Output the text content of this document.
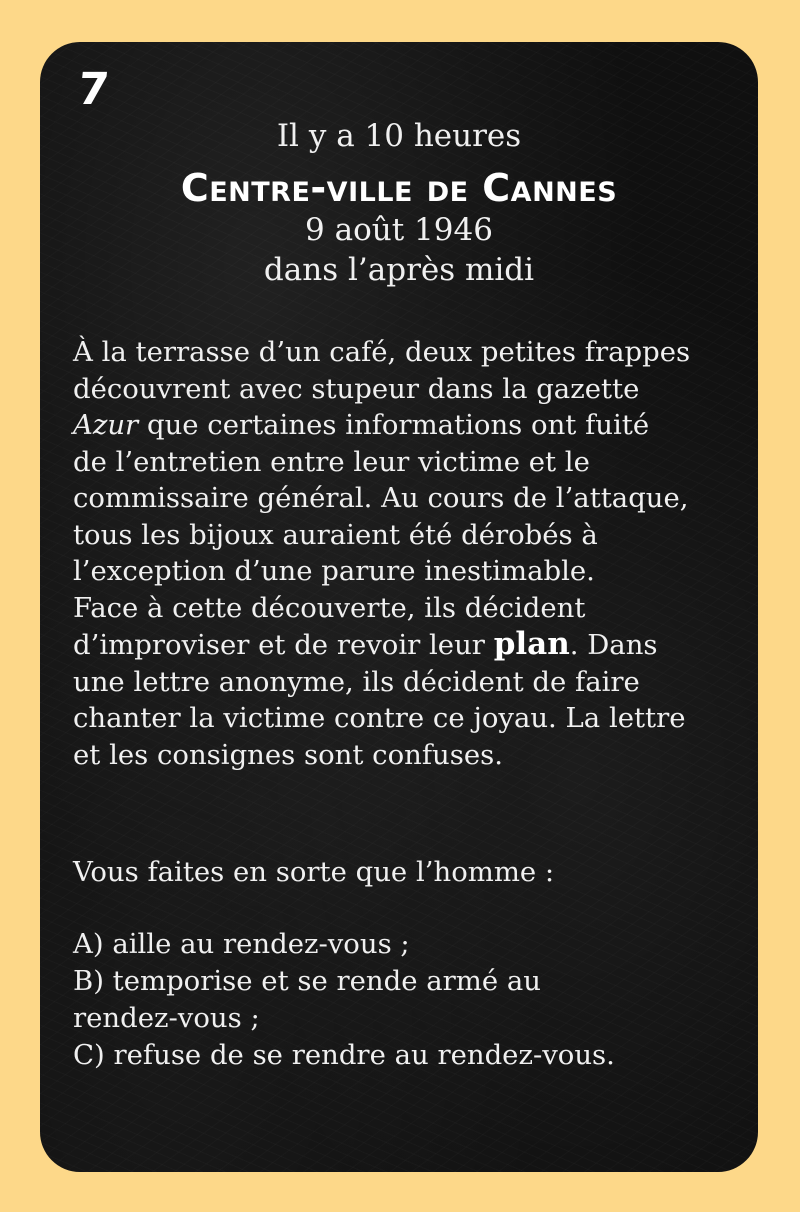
7
Il y a 10 heures
Centre-ville de Cannes
9 août 1946
dans l’après midi
À la terrasse d’un café, deux petites frappes
découvrent avec stupeur dans la gazette
Azur que certaines informations ont fuité
de l’entretien entre leur victime et le
commissaire général. Au cours de l’attaque,
tous les bijoux auraient été dérobés à
l’exception d’une parure inestimable.
Face à cette découverte, ils décident
d’improviser et de revoir leur plan. Dans
une lettre anonyme, ils décident de faire
chanter la victime contre ce joyau. La lettre
et les consignes sont confuses.
Vous faites en sorte que l’homme :
A) aille au rendez-vous ;
B) temporise et se rende armé au
rendez-vous ;
C) refuse de se rendre au rendez-vous.
